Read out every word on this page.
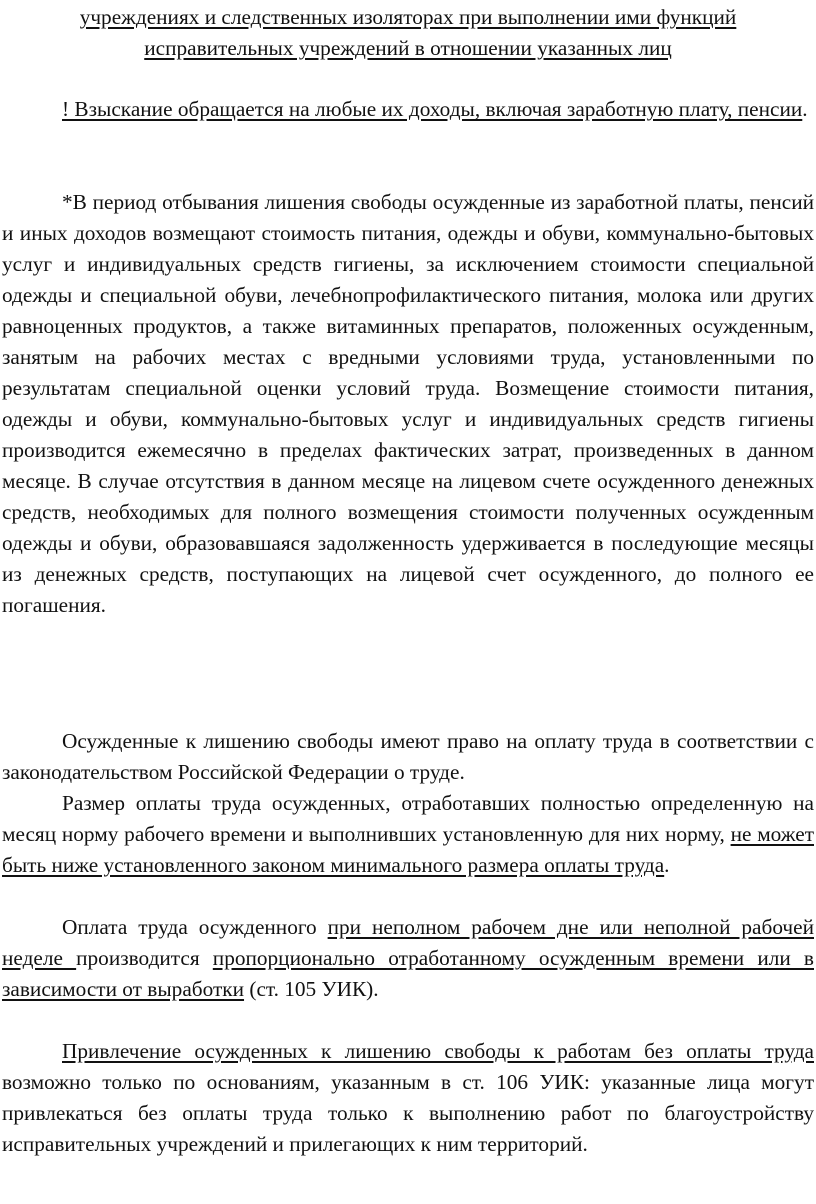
учреждениях и следственных изоляторах при выполнении ими функций
исправительных учреждений в отношении указанных лиц

! Взыскание обращается на любые их доходы, включая заработную плату, пенсии.

*В период отбывания лишения свободы осужденные из заработной платы, пенсий и иных доходов возмещают стоимость питания, одежды и обуви, коммунально-бытовых услуг и индивидуальных средств гигиены, за исключением стоимости специальной одежды и специальной обуви, лечебнопрофилактического питания, молока или других равноценных продуктов, а также витаминных препаратов, положенных осужденным, занятым на рабочих местах с вредными условиями труда, установленными по результатам специальной оценки условий труда. Возмещение стоимости питания, одежды и обуви, коммунально-бытовых услуг и индивидуальных средств гигиены производится ежемесячно в пределах фактических затрат, произведенных в данном месяце. В случае отсутствия в данном месяце на лицевом счете осужденного денежных средств, необходимых для полного возмещения стоимости полученных осужденным одежды и обуви, образовавшаяся задолженность удерживается в последующие месяцы из денежных средств, поступающих на лицевой счет осужденного, до полного ее погашения.

Осужденные к лишению свободы имеют право на оплату труда в соответствии с законодательством Российской Федерации о труде.

Размер оплаты труда осужденных, отработавших полностью определенную на месяц норму рабочего времени и выполнивших установленную для них норму, не может быть ниже установленного законом минимального размера оплаты труда.

Оплата труда осужденного при неполном рабочем дне или неполной рабочей неделе производится пропорционально отработанному осужденным времени или в зависимости от выработки (ст. 105 УИК).

Привлечение осужденных к лишению свободы к работам без оплаты труда возможно только по основаниям, указанным в ст. 106 УИК: указанные лица могут привлекаться без оплаты труда только к выполнению работ по благоустройству исправительных учреждений и прилегающих к ним территорий.
